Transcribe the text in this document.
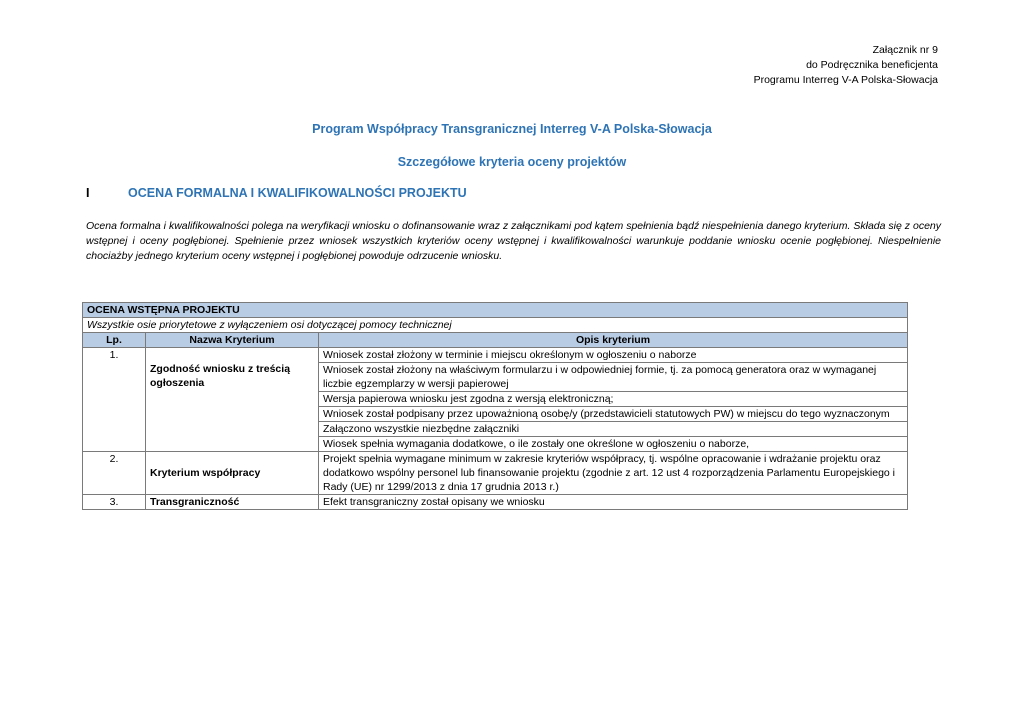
Załącznik nr 9
do Podręcznika beneficjenta
Programu Interreg V-A Polska-Słowacja
Program Współpracy Transgranicznej Interreg V-A Polska-Słowacja
Szczegółowe kryteria oceny projektów
I	OCENA FORMALNA I KWALIFIKOWALNOŚCI PROJEKTU
Ocena formalna i kwalifikowalności polega na weryfikacji wniosku o dofinansowanie wraz z załącznikami pod kątem spełnienia bądź niespełnienia danego kryterium. Składa się z oceny wstępnej i oceny pogłębionej. Spełnienie przez wniosek wszystkich kryteriów oceny wstępnej i kwalifikowalności warunkuje poddanie wniosku ocenie pogłębionej. Niespełnienie chociażby jednego kryterium oceny wstępnej i pogłębionej powoduje odrzucenie wniosku.
OCENA WSTĘPNA PROJEKTU		
Wszystkie osie priorytetowe z wyłączeniem osi dotyczącej pomocy technicznej		
Lp.	Nazwa Kryterium	Opis kryterium
1.	Zgodność wniosku z treścią ogłoszenia	Wniosek został złożony w terminie i miejscu określonym w ogłoszeniu o naborze
		Wniosek został złożony na właściwym formularzu i w odpowiedniej formie, tj. za pomocą generatora oraz w wymaganej liczbie egzemplarzy w wersji papierowej
		Wersja papierowa wniosku jest zgodna z wersją elektroniczną;
		Wniosek został podpisany przez upoważnioną osobę/y (przedstawicieli statutowych PW) w miejscu do tego wyznaczonym
		Załączono wszystkie niezbędne załączniki
		Wiosek spełnia wymagania dodatkowe, o ile zostały one określone w ogłoszeniu o naborze,
2.	Kryterium współpracy	Projekt spełnia wymagane minimum w zakresie kryteriów współpracy, tj. wspólne opracowanie i wdrażanie projektu oraz dodatkowo wspólny personel lub finansowanie projektu (zgodnie z art. 12 ust 4 rozporządzenia Parlamentu Europejskiego i Rady (UE) nr 1299/2013 z dnia 17 grudnia 2013 r.)
3.	Transgraniczność	Efekt transgraniczny został opisany we wniosku
